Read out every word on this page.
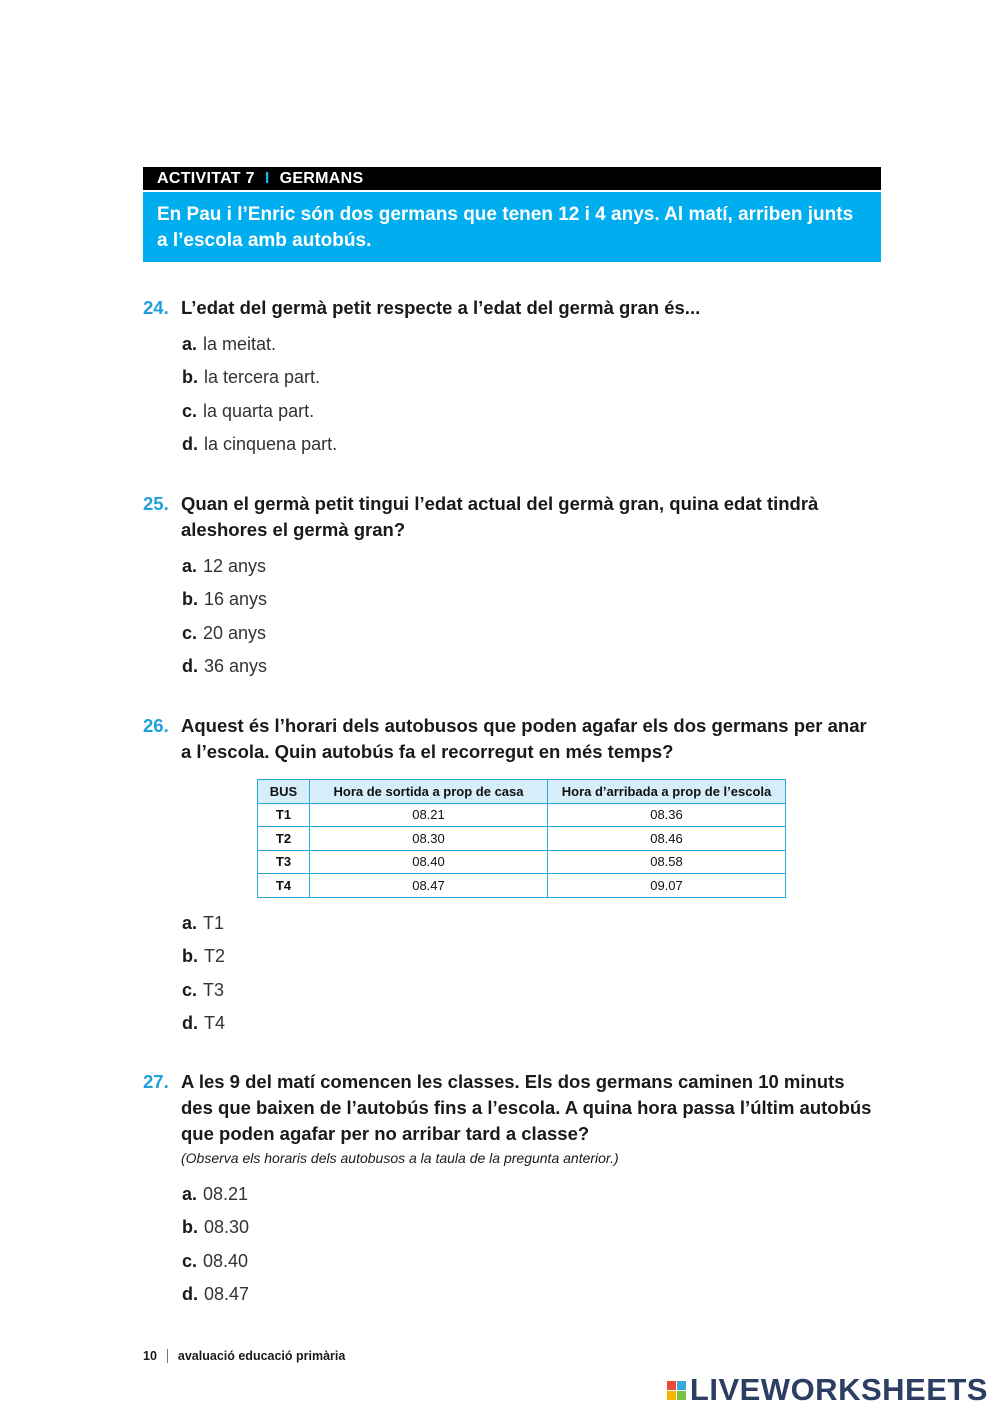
ACTIVITAT 7 I GERMANS
En Pau i l’Enric són dos germans que tenen 12 i 4 anys. Al matí, arriben junts a l’escola amb autobús.
24. L’edat del germà petit respecte a l’edat del germà gran és...
a. la meitat.
b. la tercera part.
c. la quarta part.
d. la cinquena part.
25. Quan el germà petit tingui l’edat actual del germà gran, quina edat tindrà aleshores el germà gran?
a. 12 anys
b. 16 anys
c. 20 anys
d. 36 anys
26. Aquest és l’horari dels autobusos que poden agafar els dos germans per anar a l’escola. Quin autobús fa el recorregut en més temps?
BUS	Hora de sortida a prop de casa	Hora d’arribada a prop de l’escola
T1	08.21	08.36
T2	08.30	08.46
T3	08.40	08.58
T4	08.47	09.07
a. T1
b. T2
c. T3
d. T4
27. A les 9 del matí comencen les classes. Els dos germans caminen 10 minuts des que baixen de l’autobús fins a l’escola. A quina hora passa l’últim autobús que poden agafar per no arribar tard a classe?
(Observa els horaris dels autobusos a la taula de la pregunta anterior.)
a. 08.21
b. 08.30
c. 08.40
d. 08.47
10 avaluació educació primària
LIVEWORKSHEETS
